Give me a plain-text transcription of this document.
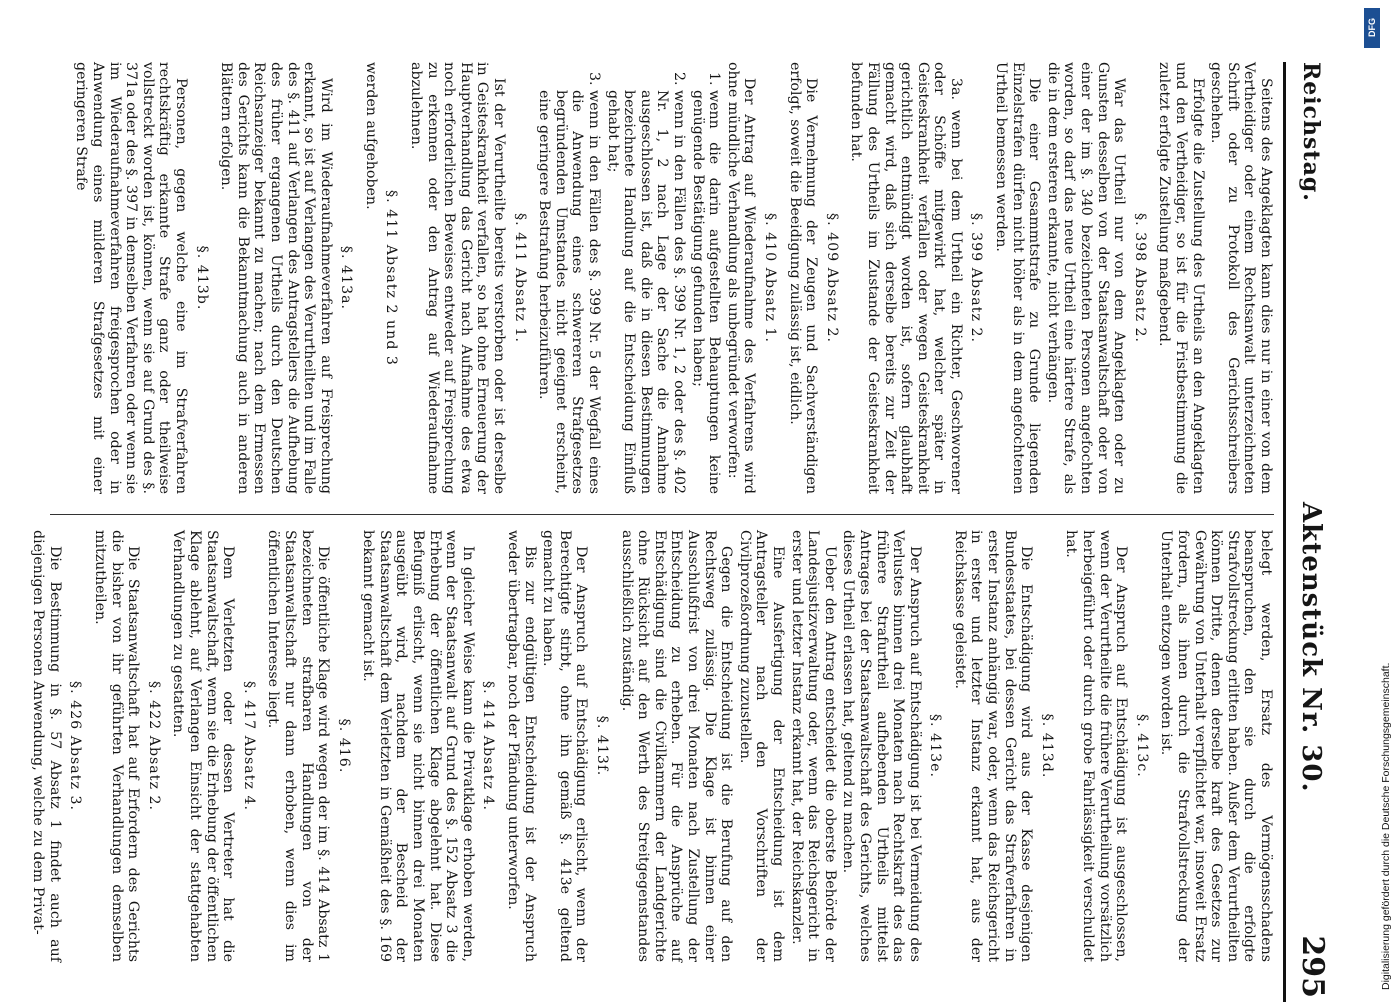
Reichstag.
Aktenstück Nr. 30.
295

Seitens des Angeklagten kann dies nur in einer von dem Vertheidiger oder einem Rechtsanwalt unterzeichneten Schrift oder zu Protokoll des Gerichtsschreibers geschehen.

Erfolgte die Zustellung des Urtheils an den Angeklagten und den Vertheidiger, so ist für die Fristbestimmung die zuletzt erfolgte Zustellung maßgebend.

§. 398 Absatz 2.

War das Urtheil nur von dem Angeklagten oder zu Gunsten desselben von der Staatsanwaltschaft oder von einer der im §. 340 bezeichneten Personen angefochten worden, so darf das neue Urtheil eine härtere Strafe, als die in dem ersteren erkannte, nicht verhängen.

Die einer Gesammtstrafe zu Grunde liegenden Einzelstrafen dürfen nicht höher als in dem angefochtenen Urtheil bemessen werden.

§. 399 Absatz 2.

3a. wenn bei dem Urtheil ein Richter, Geschworener oder Schöffe mitgewirkt hat, welcher später in Geisteskrankheit verfallen oder wegen Geisteskrankheit gerichtlich entmündigt worden ist, sofern glaubhaft gemacht wird, daß sich derselbe bereits zur Zeit der Fällung des Urtheils im Zustande der Geisteskrankheit befunden hat.

§. 409 Absatz 2.

Die Vernehmung der Zeugen und Sachverständigen erfolgt, soweit die Beeidigung zulässig ist, eidlich.

§. 410 Absatz 1.

Der Antrag auf Wiederaufnahme des Verfahrens wird ohne mündliche Verhandlung als unbegründet verworfen:

1. wenn die darin aufgestellten Behauptungen keine genügende Bestätigung gefunden haben;
2. wenn in den Fällen des §. 399 Nr. 1, 2 oder des §. 402 Nr. 1, 2 nach Lage der Sache die Annahme ausgeschlossen ist, daß die in diesen Bestimmungen bezeichnete Handlung auf die Entscheidung Einfluß gehabt hat;
3. wenn in den Fällen des §. 399 Nr. 5 der Wegfall eines die Anwendung eines schwereren Strafgesetzes begründenden Umstandes nicht geeignet erscheint, eine geringere Bestrafung herbeizuführen.
§. 411 Absatz 1.

Ist der Verurtheilte bereits verstorben oder ist derselbe in Geisteskrankheit verfallen, so hat ohne Erneuerung der Hauptverhandlung das Gericht nach Aufnahme des etwa noch erforderlichen Beweises entweder auf Freisprechung zu erkennen oder den Antrag auf Wiederaufnahme abzulehnen.

§. 411 Absatz 2 und 3

werden aufgehoben.

§. 413a.

Wird im Wiederaufnahmeverfahren auf Freisprechung erkannt, so ist auf Verlangen des Verurtheilten und im Falle des §. 411 auf Verlangen des Antragstellers die Aufhebung des früher ergangenen Urtheils durch den Deutschen Reichsanzeiger bekannt zu machen; nach dem Ermessen des Gerichts kann die Bekanntmachung auch in anderen Blättern erfolgen.

§. 413b.

Personen, gegen welche eine im Strafverfahren rechtskräftig erkannte Strafe ganz oder theilweise vollstreckt worden ist, können, wenn sie auf Grund des §. 371a oder des §. 397 in demselben Verfahren oder wenn sie im Wiederaufnahmeverfahren freigesprochen oder in Anwendung eines milderen Strafgesetzes mit einer geringeren Strafe

belegt werden, Ersatz des Vermögensschadens beanspruchen, den sie durch die erfolgte Strafvollstreckung erlitten haben. Außer dem Verurtheilten können Dritte, denen derselbe kraft des Gesetzes zur Gewährung von Unterhalt verpflichtet war, insoweit Ersatz fordern, als ihnen durch die Strafvollstreckung der Unterhalt entzogen worden ist.

§. 413c.

Der Anspruch auf Entschädigung ist ausgeschlossen, wenn der Verurtheilte die frühere Verurtheilung vorsätzlich herbeigeführt oder durch grobe Fahrlässigkeit verschuldet hat.

§. 413d.

Die Entschädigung wird aus der Kasse desjenigen Bundesstaates, bei dessen Gericht das Strafverfahren in erster Instanz anhängig war, oder, wenn das Reichsgericht in erster und letzter Instanz erkannt hat, aus der Reichskasse geleistet.

§. 413e.

Der Anspruch auf Entschädigung ist bei Vermeidung des Verlustes binnen drei Monaten nach Rechtskraft des das frühere Strafurtheil aufhebenden Urtheils mittelst Antrages bei der Staatsanwaltschaft des Gerichts, welches dieses Urtheil erlassen hat, geltend zu machen.

Ueber den Antrag entscheidet die oberste Behörde der Landesjustizverwaltung oder, wenn das Reichsgericht in erster und letzter Instanz erkannt hat, der Reichskanzler.

Eine Ausfertigung der Entscheidung ist dem Antragsteller nach den Vorschriften der Civilprozeßordnung zuzustellen.

Gegen die Entscheidung ist die Berufung auf den Rechtsweg zulässig. Die Klage ist binnen einer Ausschlußfrist von drei Monaten nach Zustellung der Entscheidung zu erheben. Für die Ansprüche auf Entschädigung sind die Civilkammern der Landgerichte ohne Rücksicht auf den Werth des Streitgegenstandes ausschließlich zuständig.

§. 413f.

Der Anspruch auf Entschädigung erlischt, wenn der Berechtigte stirbt, ohne ihn gemäß §. 413e geltend gemacht zu haben.

Bis zur endgültigen Entscheidung ist der Anspruch weder übertragbar, noch der Pfändung unterworfen.

§. 414 Absatz 4.

In gleicher Weise kann die Privatklage erhoben werden, wenn der Staatsanwalt auf Grund des §. 152 Absatz 3 die Erhebung der öffentlichen Klage abgelehnt hat. Diese Befugniß erlischt, wenn sie nicht binnen drei Monaten ausgeübt wird, nachdem der Bescheid der Staatsanwaltschaft dem Verletzten in Gemäßheit des §. 169 bekannt gemacht ist.

§. 416.

Die öffentliche Klage wird wegen der im §. 414 Absatz 1 bezeichneten strafbaren Handlungen von der Staatsanwaltschaft nur dann erhoben, wenn dies im öffentlichen Interesse liegt.

§. 417 Absatz 4.

Dem Verletzten oder dessen Vertreter hat die Staatsanwaltschaft, wenn sie die Erhebung der öffentlichen Klage ablehnt, auf Verlangen Einsicht der stattgehabten Verhandlungen zu gestatten.

§. 422 Absatz 2.

Die Staatsanwaltschaft hat auf Erfordern des Gerichts die bisher von ihr geführten Verhandlungen demselben mitzutheilen.

§. 426 Absatz 3.

Die Bestimmung in §. 57 Absatz 1 findet auch auf diejenigen Personen Anwendung, welche zu dem Privat-

DFG
Digitalisierung gefördert durch die Deutsche Forschungsgemeinschaft.
